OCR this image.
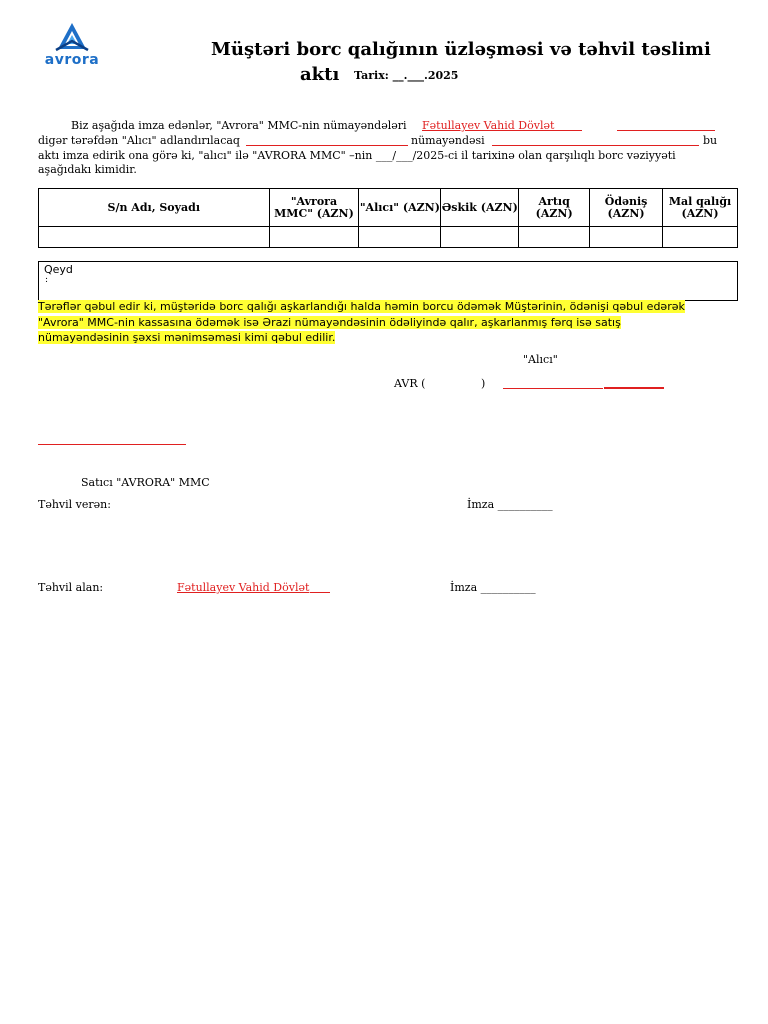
avrora	Müştəri borc qalığının üzləşməsi və təhvil təslimi
aktı Tarix: __.___.2025
Biz aşağıda imza edənlər, "Avrora" MMC-nin nümayəndələri Fətullayev Vahid Dövlət
digər tərəfdən "Alıcı" adlandırılacaq	nümayəndəsi	bu
aktı imza edirik ona görə ki, "alıcı" ilə "AVRORA MMC" –nin ___/___/2025-ci il tarixinə olan qarşılıqlı borc vəziyyəti
aşağıdakı kimidir.
S/n Adı, Soyadı	"Avrora MMC" (AZN)	"Alıcı" (AZN)	Əskik (AZN)	Artıq (AZN)	Ödəniş (AZN)	Mal qalığı (AZN)

Qeyd
:
Tərəflər qəbul edir ki, müştəridə borc qalığı aşkarlandığı halda həmin borcu ödəmək Müştərinin, ödənişi qəbul edərək
"Avrora" MMC-nin kassasına ödəmək isə Ərazi nümayəndəsinin ödəliyində qalır, aşkarlanmış fərq isə satış
nümayəndəsinin şəxsi mənimsəməsi kimi qəbul edilir.
"Alıcı"
AVR (	)
Satıcı "AVRORA" MMC
Təhvil verən:	İmza __________
Təhvil alan:	Fətullayev Vahid Dövlət	İmza __________
